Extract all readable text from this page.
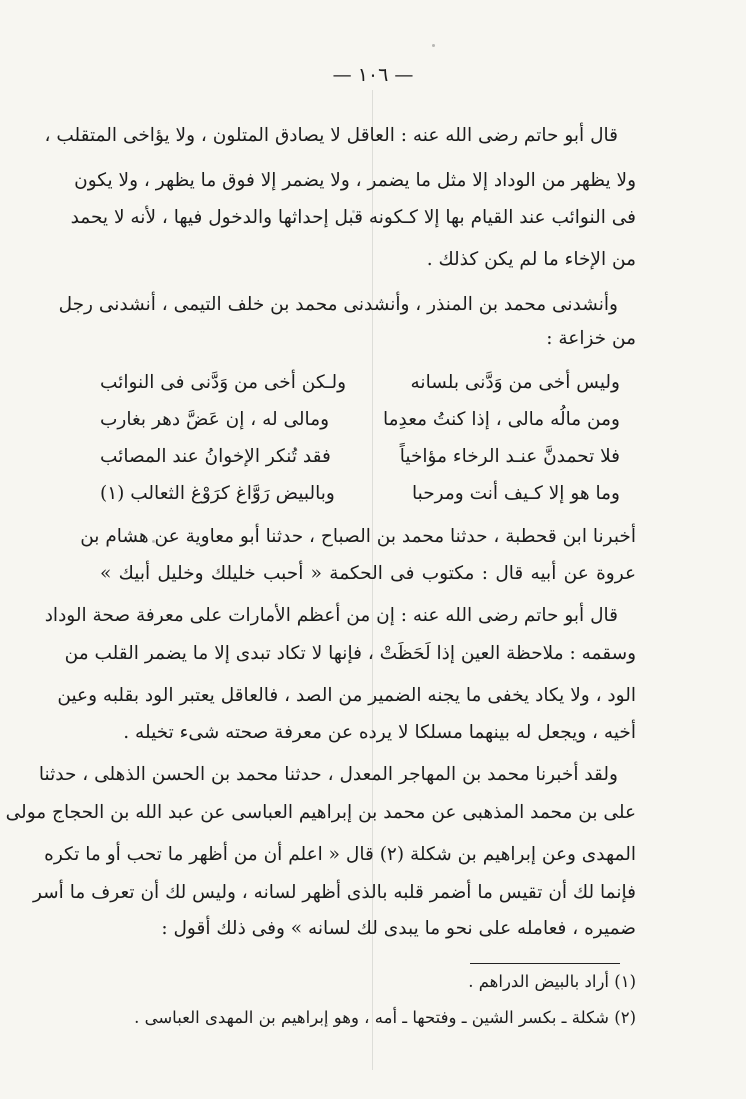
— ١٠٦ —
قال أبو حاتم رضى الله عنه : العاقل لا يصادق المتلون ، ولا يؤاخى المتقلب ،
ولا يظهر من الوداد إلا مثل ما يضمر ، ولا يضمر إلا فوق ما يظهر ، ولا يكون
فى النوائب عند القيام بها إلا كـكونه قبل إحداثها والدخول فيها ، لأنه لا يحمد
من الإخاء ما لم يكن كذلك .
وأنشدنى محمد بن المنذر ، وأنشدنى محمد بن خلف التيمى ، أنشدنى رجل
من خزاعة :
وليس أخى من وَدَّنى بلسانه
ولـكن أخى من وَدَّنى فى النوائب
ومن مالُه مالى ، إذا كنتُ معدِما
ومالى له ، إن عَضَّ دهر بغارب
فلا تحمدنَّ عنـد الرخاء مؤاخياً
فقد تُنكر الإخوانُ عند المصائب
وما هو إلا كـيف أنت ومرحبا
وبالبيض رَوَّاغ كرَوْغ الثعالب (١)
أخبرنا ابن قحطبة ، حدثنا محمد بن الصباح ، حدثنا أبو معاوية عن هشام بن
عروة عن أبيه قال : مكتوب فى الحكمة « أحبب خليلك وخليل أبيك »
قال أبو حاتم رضى الله عنه : إن من أعظم الأمارات على معرفة صحة الوداد
وسقمه : ملاحظة العين إذا لَحَظَتْ ، فإنها لا تكاد تبدى إلا ما يضمر القلب من
الود ، ولا يكاد يخفى ما يجنه الضمير من الصد ، فالعاقل يعتبر الود بقلبه وعين
أخيه ، ويجعل له بينهما مسلكا لا يرده عن معرفة صحته شىء تخيله .
ولقد أخبرنا محمد بن المهاجر المعدل ، حدثنا محمد بن الحسن الذهلى ، حدثنا
على بن محمد المذهبى عن محمد بن إبراهيم العباسى عن عبد الله بن الحجاج مولى
المهدى وعن إبراهيم بن شكلة (٢) قال « اعلم أن من أظهر ما تحب أو ما تكره
فإنما لك أن تقيس ما أضمر قلبه بالذى أظهر لسانه ، وليس لك أن تعرف ما أسر
ضميره ، فعامله على نحو ما يبدى لك لسانه » وفى ذلك أقول :
(١) أراد بالبيض الدراهم .
(٢) شكلة ـ بكسر الشين ـ وفتحها ـ أمه ، وهو إبراهيم بن المهدى العباسى .
